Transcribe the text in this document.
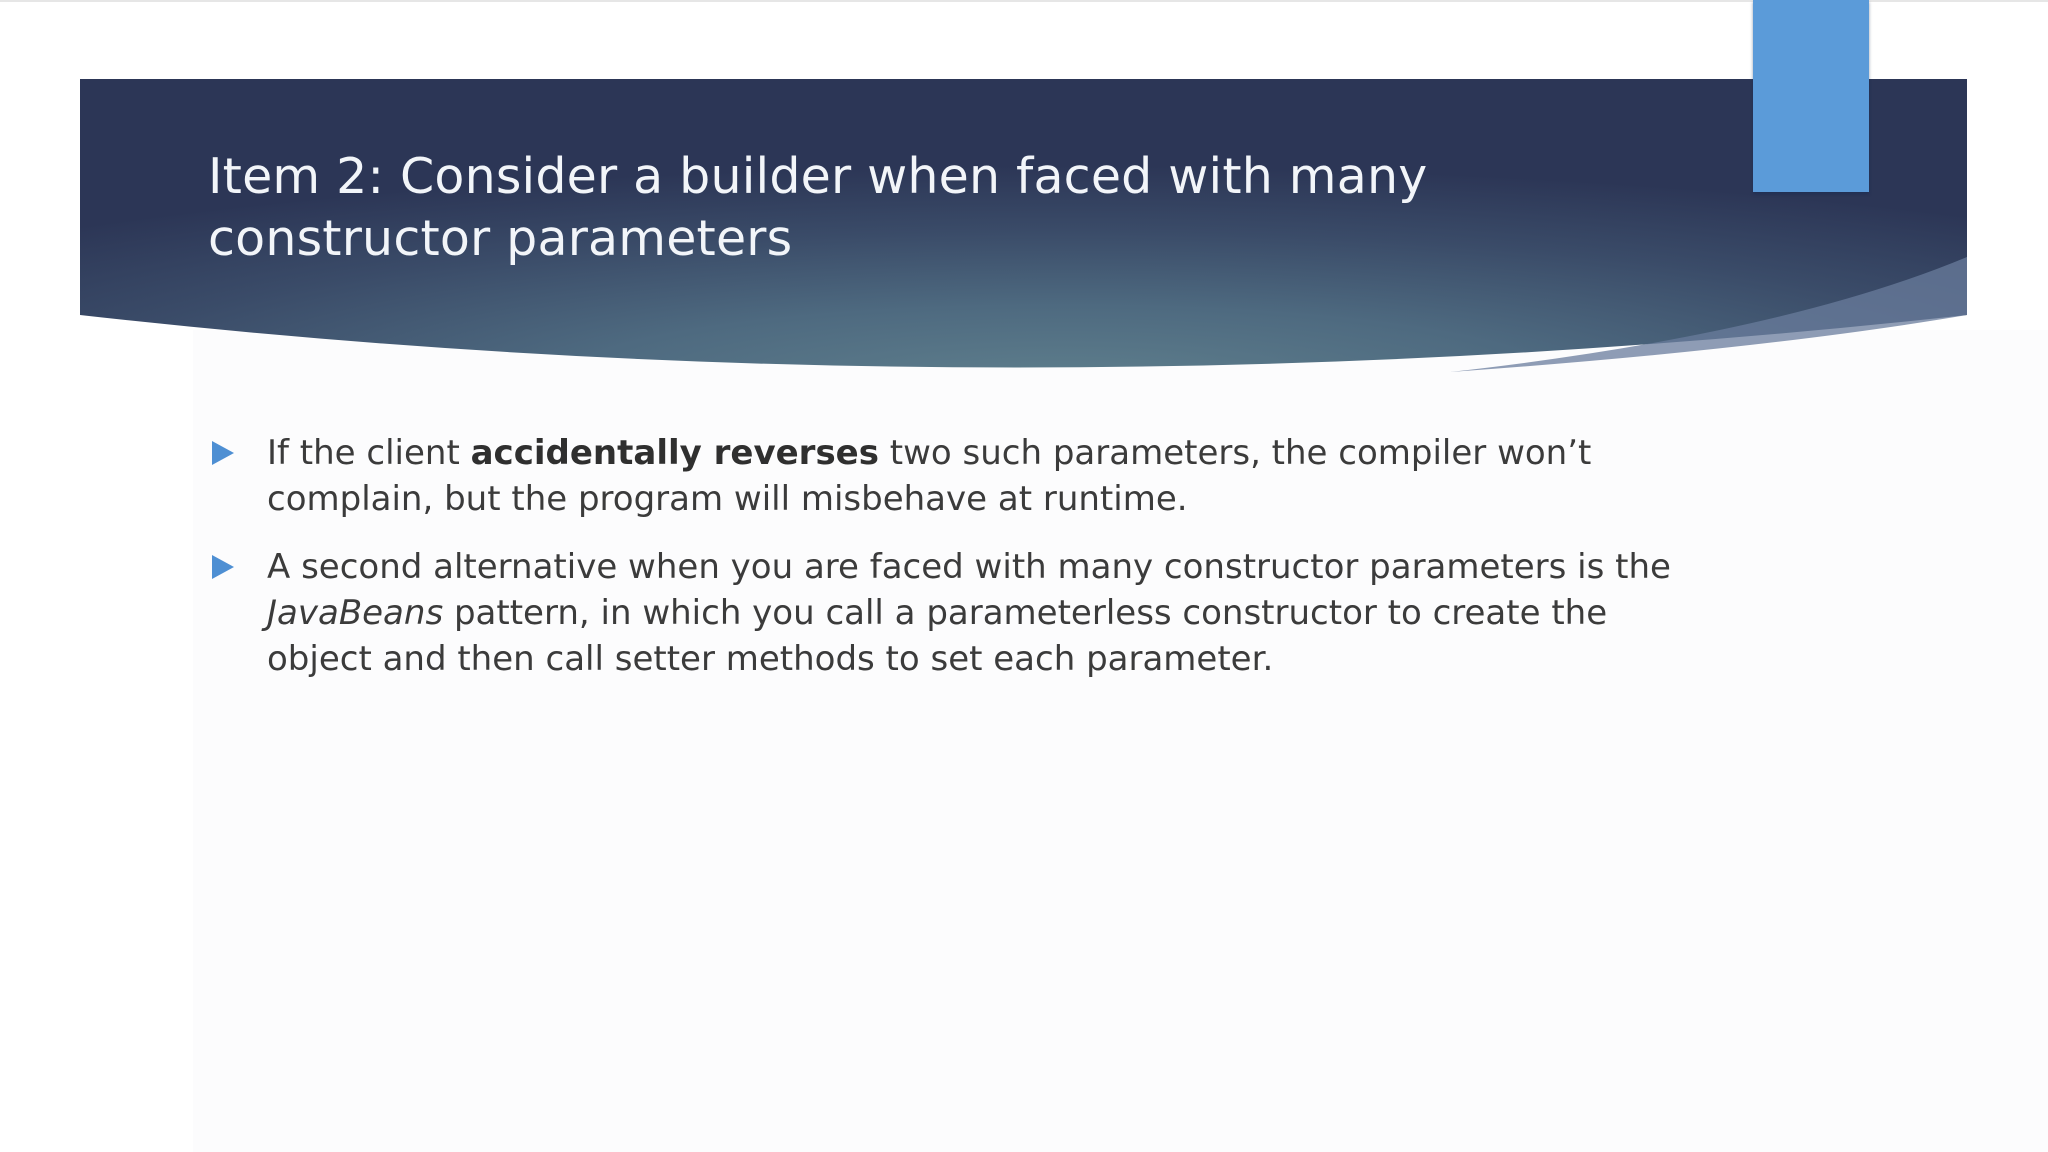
Item 2: Consider a builder when faced with many constructor parameters
If the client accidentally reverses two such parameters, the compiler won’t complain, but the program will misbehave at runtime.
A second alternative when you are faced with many constructor parameters is the JavaBeans pattern, in which you call a parameterless constructor to create the object and then call setter methods to set each parameter.
